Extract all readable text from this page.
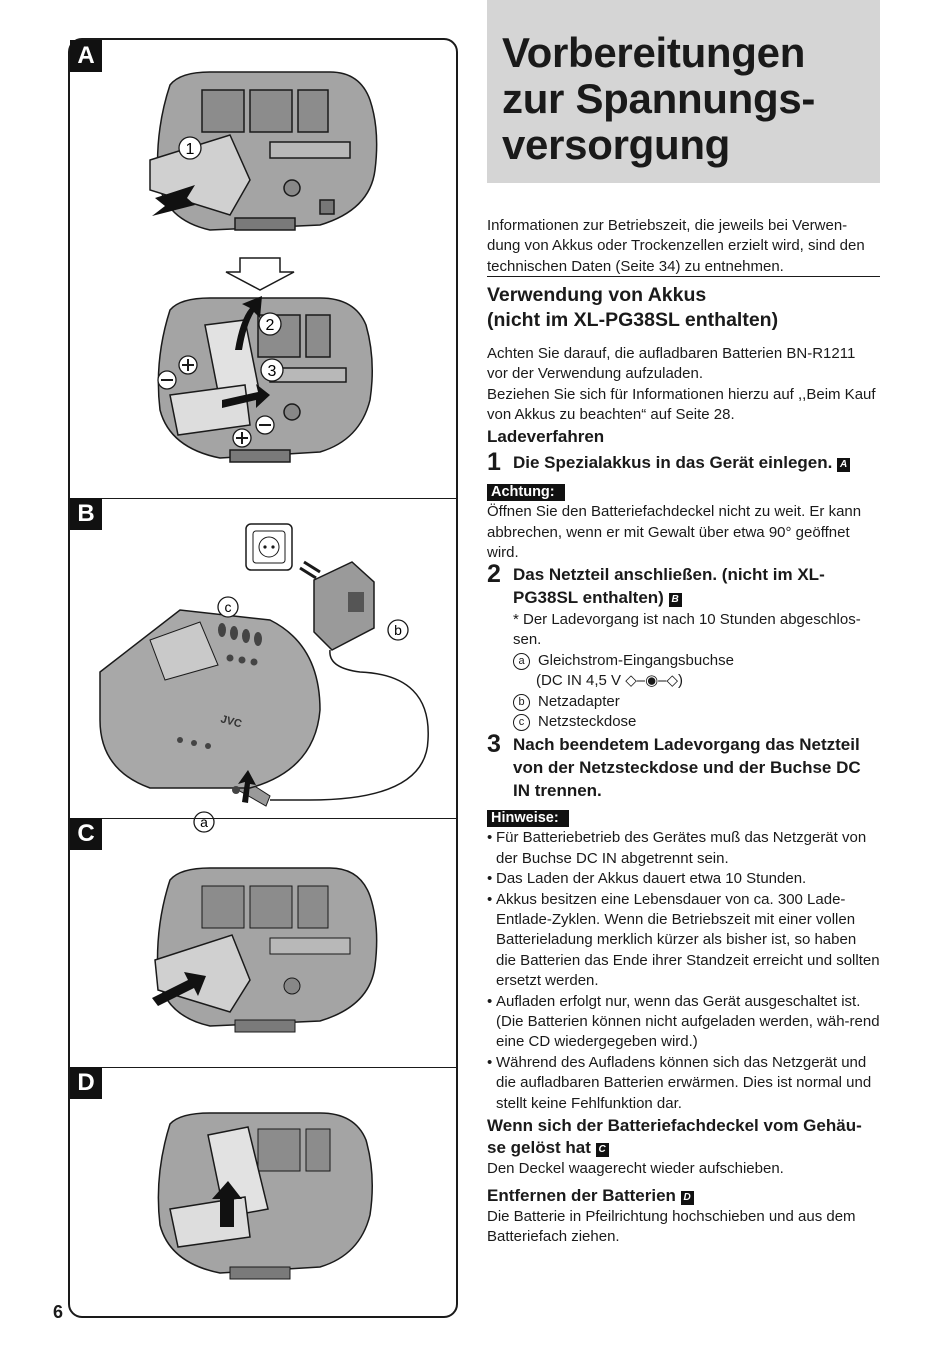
A
1
2
3
B
JVC
c
b
a
C
D
Vorbereitungen zur Spannungs-versorgung

Informationen zur Betriebszeit, die jeweils bei Verwen-dung von Akkus oder Trockenzellen erzielt wird, sind den technischen Daten (Seite 34) zu entnehmen.

Verwendung von Akkus
(nicht im XL-PG38SL enthalten)

Achten Sie darauf, die aufladbaren Batterien BN-R1211 vor der Verwendung aufzuladen.

Beziehen Sie sich für Informationen hierzu auf ,,Beim Kauf von Akkus zu beachten“ auf Seite 28.

Ladeverfahren
1 Die Spezialakkus in das Gerät einlegen. A
Achtung:

Öffnen Sie den Batteriefachdeckel nicht zu weit. Er kann abbrechen, wenn er mit Gewalt über etwa 90° geöffnet wird.

2 Das Netzteil anschließen. (nicht im XL-PG38SL enthalten) B

* Der Ladevorgang ist nach 10 Stunden abgeschlos-sen.

a Gleichstrom-Eingangsbuchse

(DC IN 4,5 V ◇–◉–◇)

b Netzadapter

c Netzsteckdose

3 Nach beendetem Ladevorgang das Netzteil von der Netzsteckdose und der Buchse DC IN trennen.
Hinweise:

• Für Batteriebetrieb des Gerätes muß das Netzgerät von der Buchse DC IN abgetrennt sein.

• Das Laden der Akkus dauert etwa 10 Stunden.

• Akkus besitzen eine Lebensdauer von ca. 300 Lade-Entlade-Zyklen. Wenn die Betriebszeit mit einer vollen Batterieladung merklich kürzer als bisher ist, so haben die Batterien das Ende ihrer Standzeit erreicht und sollten ersetzt werden.

• Aufladen erfolgt nur, wenn das Gerät ausgeschaltet ist. (Die Batterien können nicht aufgeladen werden, wäh-rend eine CD wiedergegeben wird.)

• Während des Aufladens können sich das Netzgerät und die aufladbaren Batterien erwärmen. Dies ist normal und stellt keine Fehlfunktion dar.

Wenn sich der Batteriefachdeckel vom Gehäu-se gelöst hat C

Den Deckel waagerecht wieder aufschieben.

Entfernen der Batterien D

Die Batterie in Pfeilrichtung hochschieben und aus dem Batteriefach ziehen.

6
